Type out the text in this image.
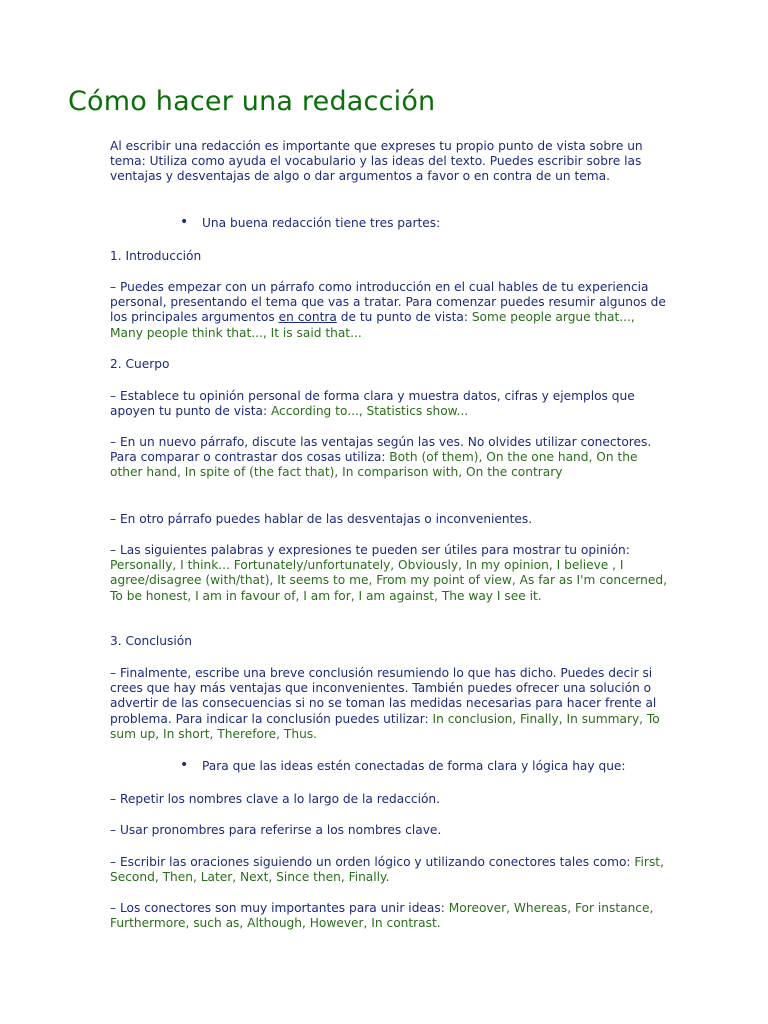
Cómo hacer una redacción

Al escribir una redacción es importante que expreses tu propio punto de vista sobre un tema: Utiliza como ayuda el vocabulario y las ideas del texto. Puedes escribir sobre las ventajas y desventajas de algo o dar argumentos a favor o en contra de un tema.

• Una buena redacción tiene tres partes:

1. Introducción

– Puedes empezar con un párrafo como introducción en el cual hables de tu experiencia personal, presentando el tema que vas a tratar. Para comenzar puedes resumir algunos de los principales argumentos en contra de tu punto de vista: Some people argue that..., Many people think that..., It is said that...

2. Cuerpo

– Establece tu opinión personal de forma clara y muestra datos, cifras y ejemplos que apoyen tu punto de vista: According to..., Statistics show...

– En un nuevo párrafo, discute las ventajas según las ves. No olvides utilizar conectores. Para comparar o contrastar dos cosas utiliza: Both (of them), On the one hand, On the other hand, In spite of (the fact that), In comparison with, On the contrary

– En otro párrafo puedes hablar de las desventajas o inconvenientes.

– Las siguientes palabras y expresiones te pueden ser útiles para mostrar tu opinión: Personally, I think... Fortunately/unfortunately, Obviously, In my opinion, I believe , I agree/disagree (with/that), It seems to me, From my point of view, As far as I'm concerned, To be honest, I am in favour of, I am for, I am against, The way I see it.

3. Conclusión

– Finalmente, escribe una breve conclusión resumiendo lo que has dicho. Puedes decir si crees que hay más ventajas que inconvenientes. También puedes ofrecer una solución o advertir de las consecuencias si no se toman las medidas necesarias para hacer frente al problema. Para indicar la conclusión puedes utilizar: In conclusion, Finally, In summary, To sum up, In short, Therefore, Thus.

• Para que las ideas estén conectadas de forma clara y lógica hay que:

– Repetir los nombres clave a lo largo de la redacción.

– Usar pronombres para referirse a los nombres clave.

– Escribir las oraciones siguiendo un orden lógico y utilizando conectores tales como: First, Second, Then, Later, Next, Since then, Finally.

– Los conectores son muy importantes para unir ideas: Moreover, Whereas, For instance, Furthermore, such as, Although, However, In contrast.
